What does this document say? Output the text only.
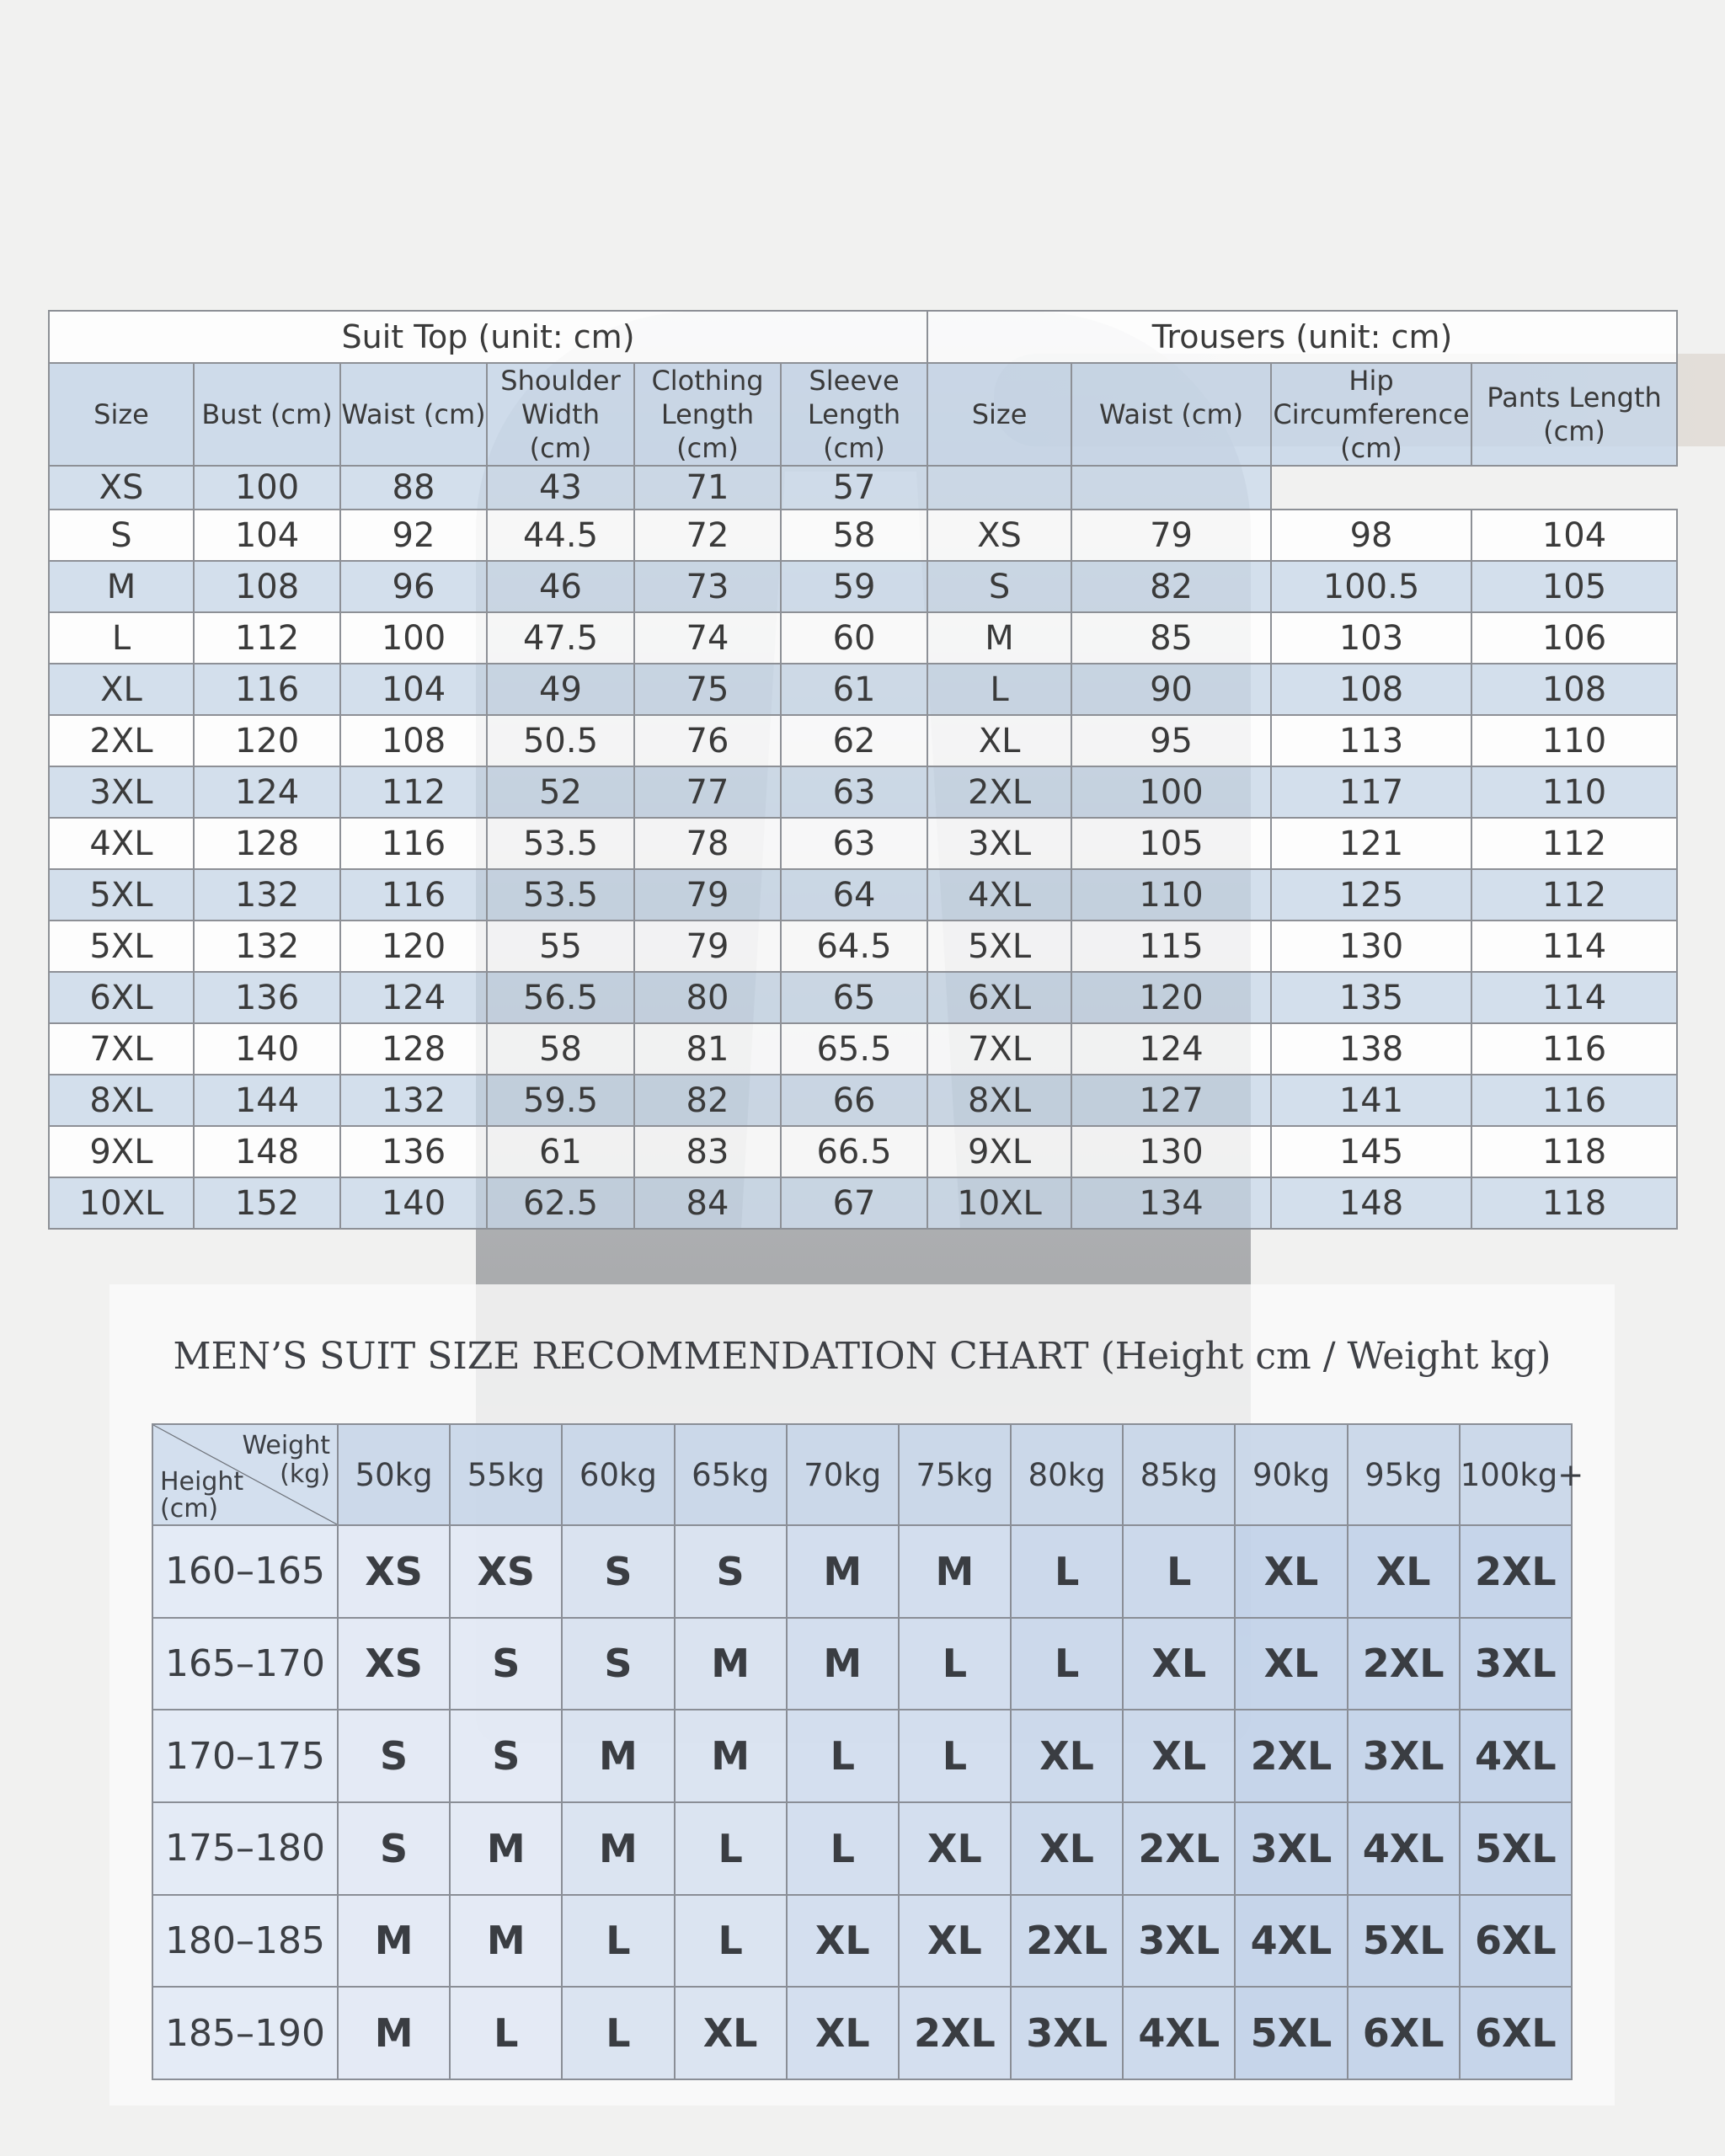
Suit Top (unit: cm)						Trousers (unit: cm)			
Size	Bust (cm)	Waist (cm)	Shoulder Width (cm)	Clothing Length (cm)	Sleeve Length (cm)	Size	Waist (cm)	Hip Circumference (cm)	Pants Length (cm)
XS	100	88	43	71	57				
S	104	92	44.5	72	58	XS	79	98	104
M	108	96	46	73	59	S	82	100.5	105
L	112	100	47.5	74	60	M	85	103	106
XL	116	104	49	75	61	L	90	108	108
2XL	120	108	50.5	76	62	XL	95	113	110
3XL	124	112	52	77	63	2XL	100	117	110
4XL	128	116	53.5	78	63	3XL	105	121	112
5XL	132	116	53.5	79	64	4XL	110	125	112
5XL	132	120	55	79	64.5	5XL	115	130	114
6XL	136	124	56.5	80	65	6XL	120	135	114
7XL	140	128	58	81	65.5	7XL	124	138	116
8XL	144	132	59.5	82	66	8XL	127	141	116
9XL	148	136	61	83	66.5	9XL	130	145	118
10XL	152	140	62.5	84	67	10XL	134	148	118
MEN’S SUIT SIZE RECOMMENDATION CHART (Height cm / Weight kg)
Weight
(kg)
Height
(cm)	50kg	55kg	60kg	65kg	70kg	75kg	80kg	85kg	90kg	95kg	100kg+
160–165	XS	XS	S	S	M	M	L	L	XL	XL	2XL
165–170	XS	S	S	M	M	L	L	XL	XL	2XL	3XL
170–175	S	S	M	M	L	L	XL	XL	2XL	3XL	4XL
175–180	S	M	M	L	L	XL	XL	2XL	3XL	4XL	5XL
180–185	M	M	L	L	XL	XL	2XL	3XL	4XL	5XL	6XL
185–190	M	L	L	XL	XL	2XL	3XL	4XL	5XL	6XL	6XL
